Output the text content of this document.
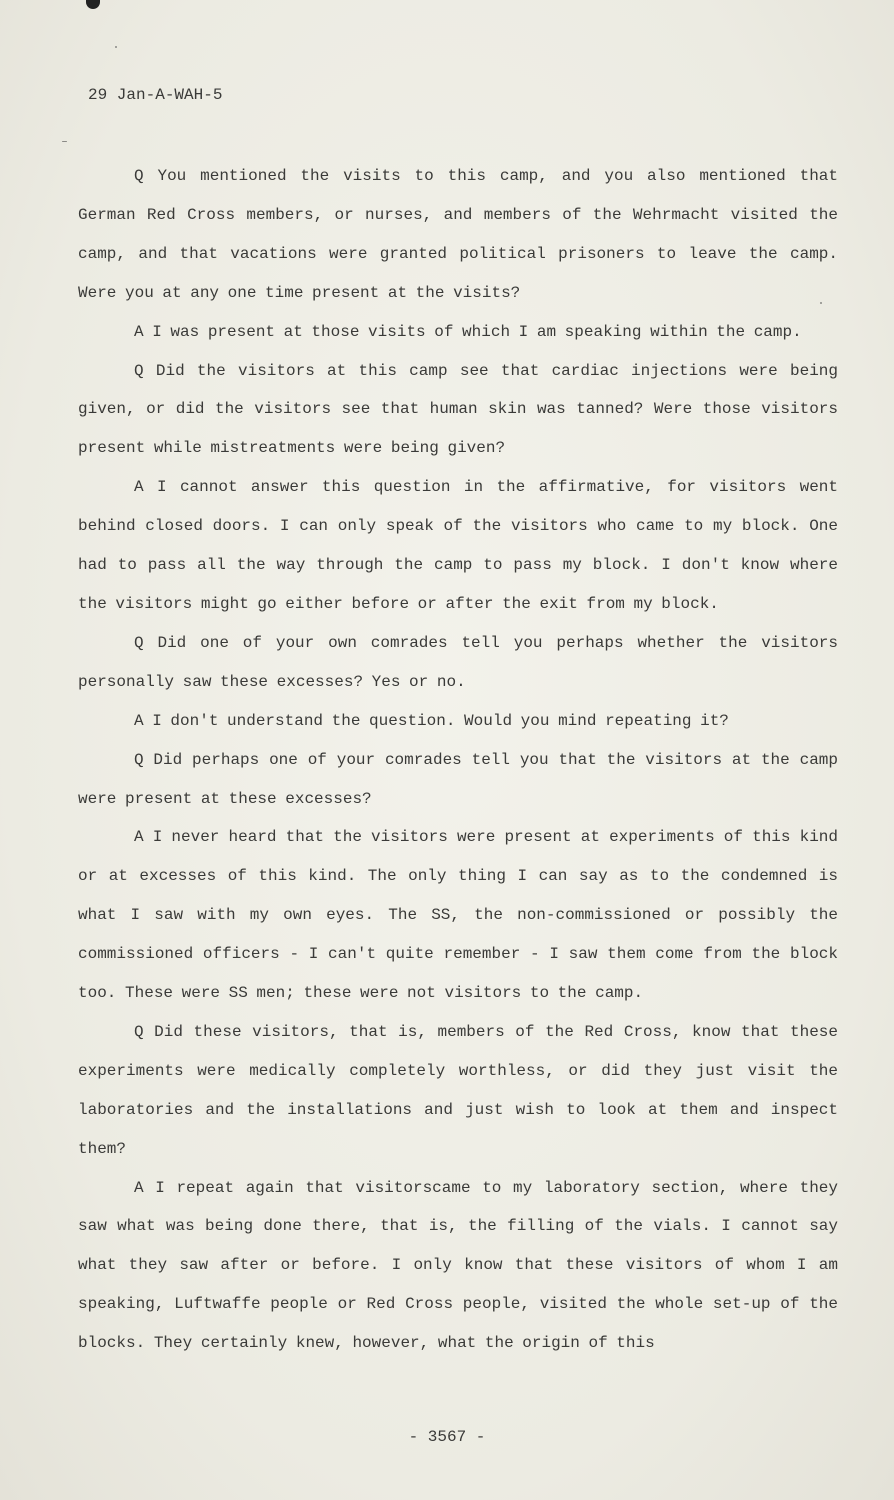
29 Jan-A-WAH-5

Q You mentioned the visits to this camp, and you also mentioned that German Red Cross members, or nurses, and members of the Wehrmacht visited the camp, and that vacations were granted political prisoners to leave the camp. Were you at any one time present at the visits?

A I was present at those visits of which I am speaking within the camp.

Q Did the visitors at this camp see that cardiac injections were being given, or did the visitors see that human skin was tanned? Were those visitors present while mistreatments were being given?

A I cannot answer this question in the affirmative, for visitors went behind closed doors. I can only speak of the visitors who came to my block. One had to pass all the way through the camp to pass my block. I don't know where the visitors might go either before or after the exit from my block.

Q Did one of your own comrades tell you perhaps whether the visitors personally saw these excesses? Yes or no.

A I don't understand the question. Would you mind repeating it?

Q Did perhaps one of your comrades tell you that the visitors at the camp were present at these excesses?

A I never heard that the visitors were present at experiments of this kind or at excesses of this kind. The only thing I can say as to the condemned is what I saw with my own eyes. The SS, the non-commissioned or possibly the commissioned officers - I can't quite remember - I saw them come from the block too. These were SS men; these were not visitors to the camp.

Q Did these visitors, that is, members of the Red Cross, know that these experiments were medically completely worthless, or did they just visit the laboratories and the installations and just wish to look at them and inspect them?

A I repeat again that visitorscame to my laboratory section, where they saw what was being done there, that is, the filling of the vials. I cannot say what they saw after or before. I only know that these visitors of whom I am speaking, Luftwaffe people or Red Cross people, visited the whole set-up of the blocks. They certainly knew, however, what the origin of this

- 3567 -
